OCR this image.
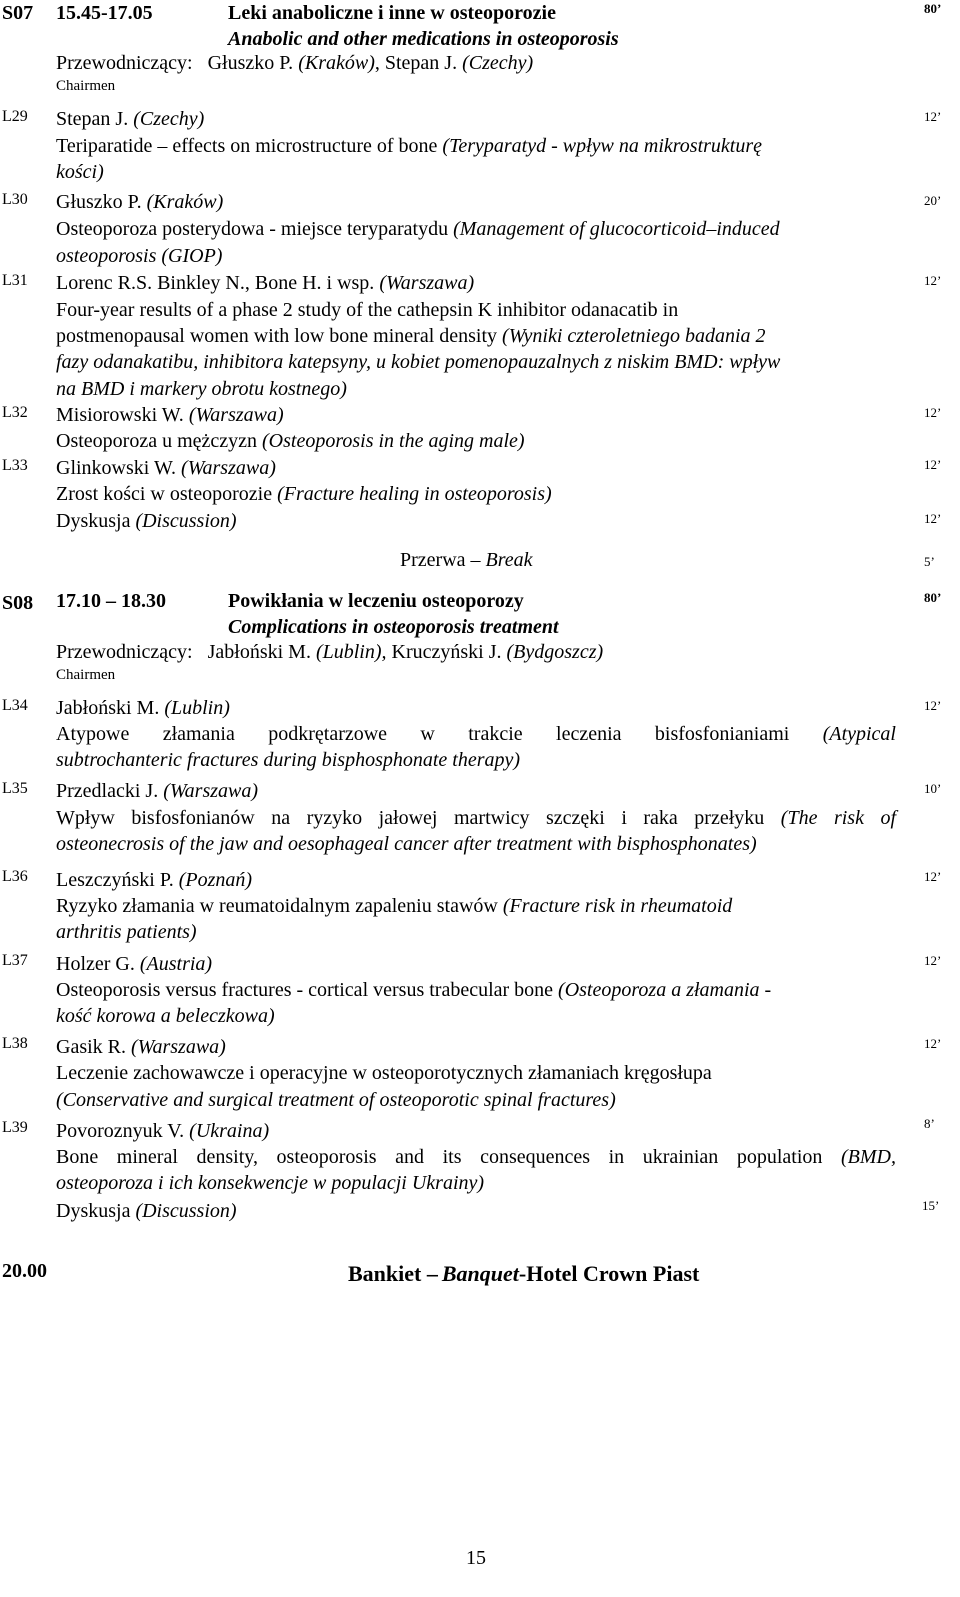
S07 15.45-17.05	Leki anaboliczne i inne w osteoporozie	80’
Anabolic and other medications in osteoporosis
Przewodniczący: Głuszko P. (Kraków), Stepan J. (Czechy)
Chairmen
L29 Stepan J. (Czechy)	12’
Teriparatide – effects on microstructure of bone (Teryparatyd - wpływ na mikrostrukturę
kości)
L30 Głuszko P. (Kraków)	20’
Osteoporoza posterydowa - miejsce teryparatydu (Management of glucocorticoid–induced
osteoporosis (GIOP)
L31 Lorenc R.S. Binkley N., Bone H. i wsp. (Warszawa)	12’
Four-year results of a phase 2 study of the cathepsin K inhibitor odanacatib in
postmenopausal women with low bone mineral density (Wyniki czteroletniego badania 2
fazy odanakatibu, inhibitora katepsyny, u kobiet pomenopauzalnych z niskim BMD: wpływ
na BMD i markery obrotu kostnego)
L32 Misiorowski W. (Warszawa)	12’
Osteoporoza u mężczyzn (Osteoporosis in the aging male)
L33 Glinkowski W. (Warszawa)	12’
Zrost kości w osteoporozie (Fracture healing in osteoporosis)
Dyskusja (Discussion)	12’
Przerwa – Break	5’
S08 17.10 – 18.30	Powikłania w leczeniu osteoporozy	80’
Complications in osteoporosis treatment
Przewodniczący: Jabłoński M. (Lublin), Kruczyński J. (Bydgoszcz)
Chairmen
L34 Jabłoński M. (Lublin)	12’
Atypowe złamania podkrętarzowe w trakcie leczenia bisfosfonianiami (Atypical
subtrochanteric fractures during bisphosphonate therapy)
L35 Przedlacki J. (Warszawa)	10’
Wpływ bisfosfonianów na ryzyko jałowej martwicy szczęki i raka przełyku (The risk of
osteonecrosis of the jaw and oesophageal cancer after treatment with bisphosphonates)
L36 Leszczyński P. (Poznań)	12’
Ryzyko złamania w reumatoidalnym zapaleniu stawów (Fracture risk in rheumatoid
arthritis patients)
L37 Holzer G. (Austria)	12’
Osteoporosis versus fractures - cortical versus trabecular bone (Osteoporoza a złamania -
kość korowa a beleczkowa)
L38 Gasik R. (Warszawa)	12’
Leczenie zachowawcze i operacyjne w osteoporotycznych złamaniach kręgosłupa
(Conservative and surgical treatment of osteoporotic spinal fractures)
L39 Povoroznyuk V. (Ukraina)	8’
Bone mineral density, osteoporosis and its consequences in ukrainian population (BMD,
osteoporoza i ich konsekwencje w populacji Ukrainy)
Dyskusja (Discussion)	15’
20.00	Bankiet – Banquet-Hotel Crown Piast
15
